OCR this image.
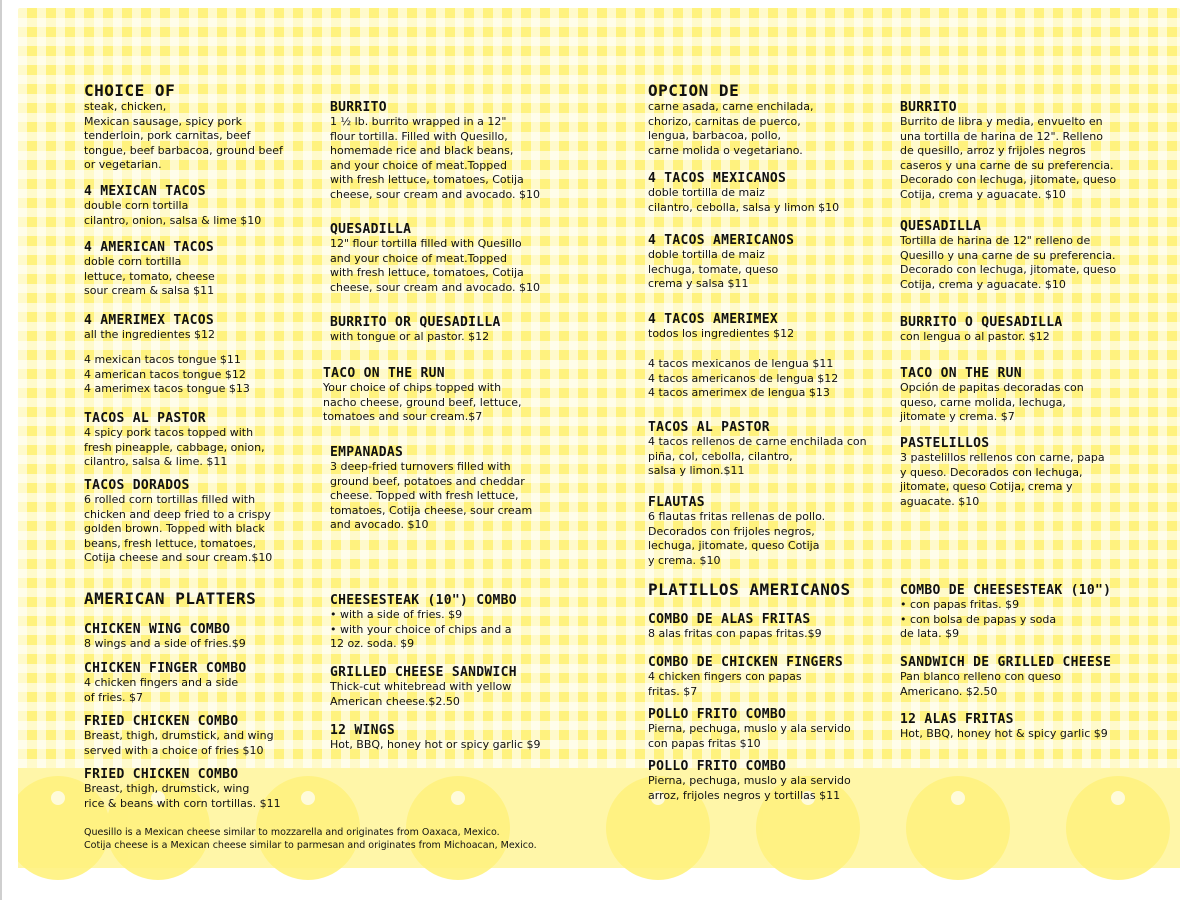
CHOICE OF

steak, chicken,
Mexican sausage, spicy pork
tenderloin, pork carnitas, beef
tongue, beef barbacoa, ground beef
or vegetarian.

4 MEXICAN TACOS

double corn tortilla
cilantro, onion, salsa & lime $10

4 AMERICAN TACOS

doble corn tortilla
lettuce, tomato, cheese
sour cream & salsa $11

4 AMERIMEX TACOS

all the ingredientes $12

4 mexican tacos tongue $11
4 american tacos tongue $12
4 amerimex tacos tongue $13

TACOS AL PASTOR

4 spicy pork tacos topped with
fresh pineapple, cabbage, onion,
cilantro, salsa & lime. $11

TACOS DORADOS

6 rolled corn tortillas filled with
chicken and deep fried to a crispy
golden brown. Topped with black
beans, fresh lettuce, tomatoes,
Cotija cheese and sour cream.$10

AMERICAN PLATTERS
CHICKEN WING COMBO

8 wings and a side of fries.$9

CHICKEN FINGER COMBO

4 chicken fingers and a side
of fries. $7

FRIED CHICKEN COMBO

Breast, thigh, drumstick, and wing
served with a choice of fries $10

FRIED CHICKEN COMBO

Breast, thigh, drumstick, wing
rice & beans with corn tortillas. $11

BURRITO

1 ½ lb. burrito wrapped in a 12"
flour tortilla. Filled with Quesillo,
homemade rice and black beans,
and your choice of meat.Topped
with fresh lettuce, tomatoes, Cotija
cheese, sour cream and avocado. $10

QUESADILLA

12" flour tortilla filled with Quesillo
and your choice of meat.Topped
with fresh lettuce, tomatoes, Cotija
cheese, sour cream and avocado. $10

BURRITO OR QUESADILLA

with tongue or al pastor. $12

TACO ON THE RUN

Your choice of chips topped with
nacho cheese, ground beef, lettuce,
tomatoes and sour cream.$7

EMPANADAS

3 deep-fried turnovers filled with
ground beef, potatoes and cheddar
cheese. Topped with fresh lettuce,
tomatoes, Cotija cheese, sour cream
and avocado. $10

CHEESESTEAK (10") COMBO

• with a side of fries. $9
• with your choice of chips and a
12 oz. soda. $9

GRILLED CHEESE SANDWICH

Thick-cut whitebread with yellow
American cheese.$2.50

12 WINGS

Hot, BBQ, honey hot or spicy garlic $9

OPCION DE

carne asada, carne enchilada,
chorizo, carnitas de puerco,
lengua, barbacoa, pollo,
carne molida o vegetariano.

4 TACOS MEXICANOS

doble tortilla de maiz
cilantro, cebolla, salsa y limon $10

4 TACOS AMERICANOS

doble tortilla de maiz
lechuga, tomate, queso
crema y salsa $11

4 TACOS AMERIMEX

todos los ingredientes $12

4 tacos mexicanos de lengua $11
4 tacos americanos de lengua $12
4 tacos amerimex de lengua $13

TACOS AL PASTOR

4 tacos rellenos de carne enchilada con
piña, col, cebolla, cilantro,
salsa y limon.$11

FLAUTAS

6 flautas fritas rellenas de pollo.
Decorados con frijoles negros,
lechuga, jitomate, queso Cotija
y crema. $10

PLATILLOS AMERICANOS
COMBO DE ALAS FRITAS

8 alas fritas con papas fritas.$9

COMBO DE CHICKEN FINGERS

4 chicken fingers con papas
fritas. $7

POLLO FRITO COMBO

Pierna, pechuga, muslo y ala servido
con papas fritas $10

POLLO FRITO COMBO

Pierna, pechuga, muslo y ala servido
arroz, frijoles negros y tortillas $11

BURRITO

Burrito de libra y media, envuelto en
una tortilla de harina de 12". Relleno
de quesillo, arroz y frijoles negros
caseros y una carne de su preferencia.
Decorado con lechuga, jitomate, queso
Cotija, crema y aguacate. $10

QUESADILLA

Tortilla de harina de 12" relleno de
Quesillo y una carne de su preferencia.
Decorado con lechuga, jitomate, queso
Cotija, crema y aguacate. $10

BURRITO O QUESADILLA

con lengua o al pastor. $12

TACO ON THE RUN

Opción de papitas decoradas con
queso, carne molida, lechuga,
jitomate y crema. $7

PASTELILLOS

3 pastelillos rellenos con carne, papa
y queso. Decorados con lechuga,
jitomate, queso Cotija, crema y
aguacate. $10

COMBO DE CHEESESTEAK (10")

• con papas fritas. $9
• con bolsa de papas y soda
de lata. $9

SANDWICH DE GRILLED CHEESE

Pan blanco relleno con queso
Americano. $2.50

12 ALAS FRITAS

Hot, BBQ, honey hot & spicy garlic $9

Quesillo is a Mexican cheese similar to mozzarella and originates from Oaxaca, Mexico.
Cotija cheese is a Mexican cheese similar to parmesan and originates from Michoacan, Mexico.
